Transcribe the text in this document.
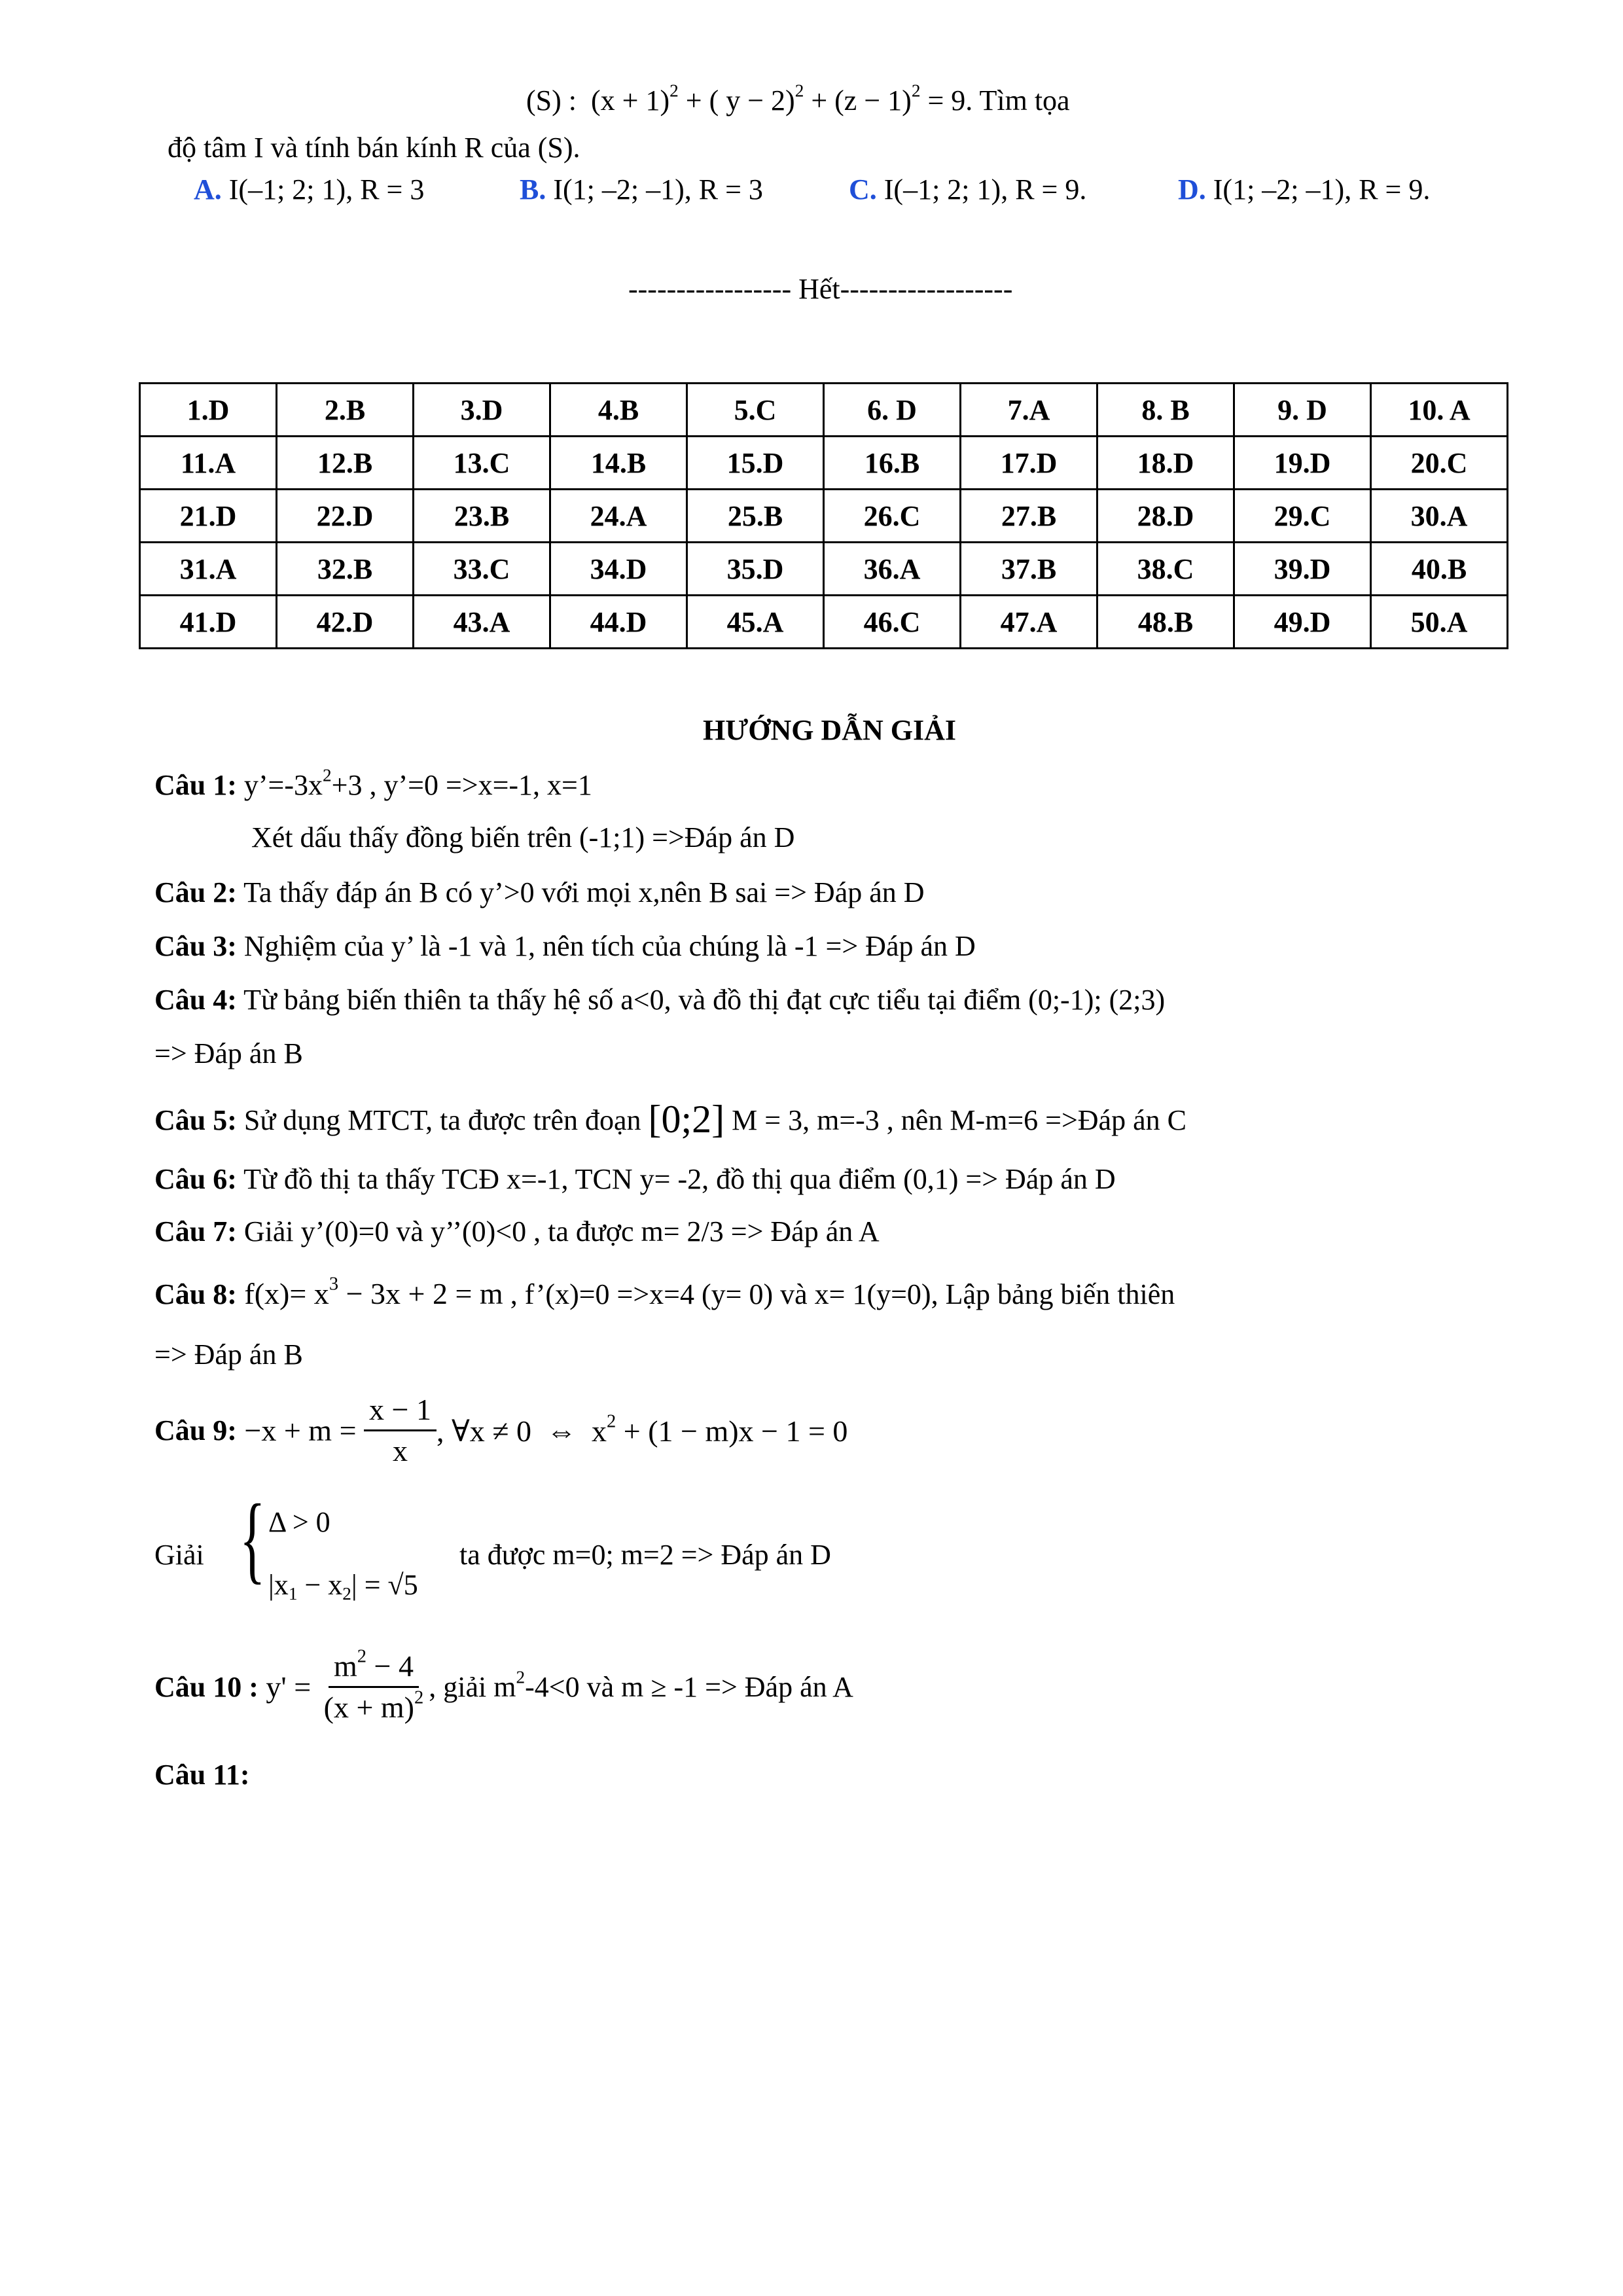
(S) : $(x + 1)^2$ + ( $y - 2)^2 + (z - 1)^2 = 9$. Tìm tọa
độ tâm I và tính bán kính R của (S).
A. I(–1; 2; 1), R = 3	B. I(1; –2; –1), R = 3	C. I(–1; 2; 1), R = 9.	D. I(1; –2; –1), R = 9.
----------------- Hết------------------
1.D	2.B	3.D	4.B	5.C	6. D	7.A	8. B	9. D	10. A
11.A	12.B	13.C	14.B	15.D	16.B	17.D	18.D	19.D	20.C
21.D	22.D	23.B	24.A	25.B	26.C	27.B	28.D	29.C	30.A
31.A	32.B	33.C	34.D	35.D	36.A	37.B	38.C	39.D	40.B
41.D	42.D	43.A	44.D	45.A	46.C	47.A	48.B	49.D	50.A
HƯỚNG DẪN GIẢI
Câu 1: $y’=-3x^2+3$ , y’=0 =>x=-1, x=1
Xét dấu thấy đồng biến trên (-1;1) =>Đáp án D
Câu 2: Ta thấy đáp án B có y’>0 với mọi x,nên B sai => Đáp án D
Câu 3: Nghiệm của y’ là -1 và 1, nên tích của chúng là -1 => Đáp án D
Câu 4: Từ bảng biến thiên ta thấy hệ số a<0, và đồ thị đạt cực tiểu tại điểm (0;-1); (2;3)
=> Đáp án B
Câu 5: Sử dụng MTCT, ta được trên đoạn [0;2] M = 3, m=-3 , nên M-m=6 =>Đáp án C
Câu 6: Từ đồ thị ta thấy TCĐ x=-1, TCN y= -2, đồ thị qua điểm (0,1) => Đáp án D
Câu 7: Giải y’(0)=0 và y’’(0)<0 , ta được m= 2/3 => Đáp án A
Câu 8: $f(x)= x^3 - 3x + 2 = m$ , f’(x)=0 =>x=4 (y= 0) và x= 1(y=0), Lập bảng biến thiên
=> Đáp án B
Câu 9: $-x + m = \frac{x - 1}{x}$ , ∀x ≠ 0  ⇔  $x^2 + (1 - m)x - 1 = 0$
Giải { Δ > 0
$|x_1 - x_2| = √5$
ta được m=0; m=2 => Đáp án D
Câu 10 : $y' = \frac{m^2 - 4}{(x + m)^2}$ , giải $m^2-4<0$ và m ≥ -1 => Đáp án A
Câu 11:
